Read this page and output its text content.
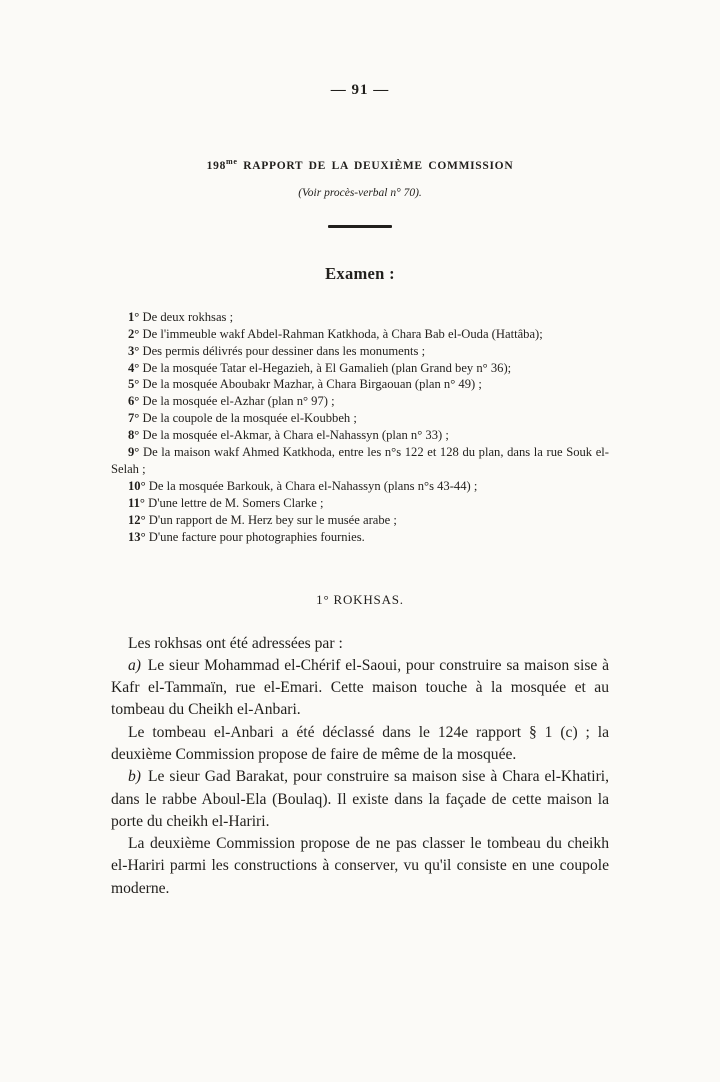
— 91 —
$198^{me}$ RAPPORT DE LA DEUXIÈME COMMISSION
(Voir procès-verbal n° 70).
Examen :
1° De deux rokhsas ;
2° De l'immeuble wakf Abdel-Rahman Katkhoda, à Chara Bab el-Ouda (Hattâba);
3° Des permis délivrés pour dessiner dans les monuments ;
4° De la mosquée Tatar el-Hegazieh, à El Gamalieh (plan Grand bey n° 36);
5° De la mosquée Aboubakr Mazhar, à Chara Birgaouan (plan n° 49) ;
6° De la mosquée el-Azhar (plan n° 97) ;
7° De la coupole de la mosquée el-Koubbeh ;
8° De la mosquée el-Akmar, à Chara el-Nahassyn (plan n° 33) ;
9° De la maison wakf Ahmed Katkhoda, entre les n°s 122 et 128 du plan, dans la rue Souk el-Selah ;
10° De la mosquée Barkouk, à Chara el-Nahassyn (plans n°s 43-44) ;
11° D'une lettre de M. Somers Clarke ;
12° D'un rapport de M. Herz bey sur le musée arabe ;
13° D'une facture pour photographies fournies.
1° ROKHSAS.

Les rokhsas ont été adressées par :

a) Le sieur Mohammad el-Chérif el-Saoui, pour construire sa maison sise à Kafr el-Tammaïn, rue el-Emari. Cette maison touche à la mosquée et au tombeau du Cheikh el-Anbari.

Le tombeau el-Anbari a été déclassé dans le 124e rapport § 1 (c) ; la deuxième Commission propose de faire de même de la mosquée.

b) Le sieur Gad Barakat, pour construire sa maison sise à Chara el-Khatiri, dans le rabbe Aboul-Ela (Boulaq). Il existe dans la façade de cette maison la porte du cheikh el-Hariri.

La deuxième Commission propose de ne pas classer le tombeau du cheikh el-Hariri parmi les constructions à conserver, vu qu'il consiste en une coupole moderne.
